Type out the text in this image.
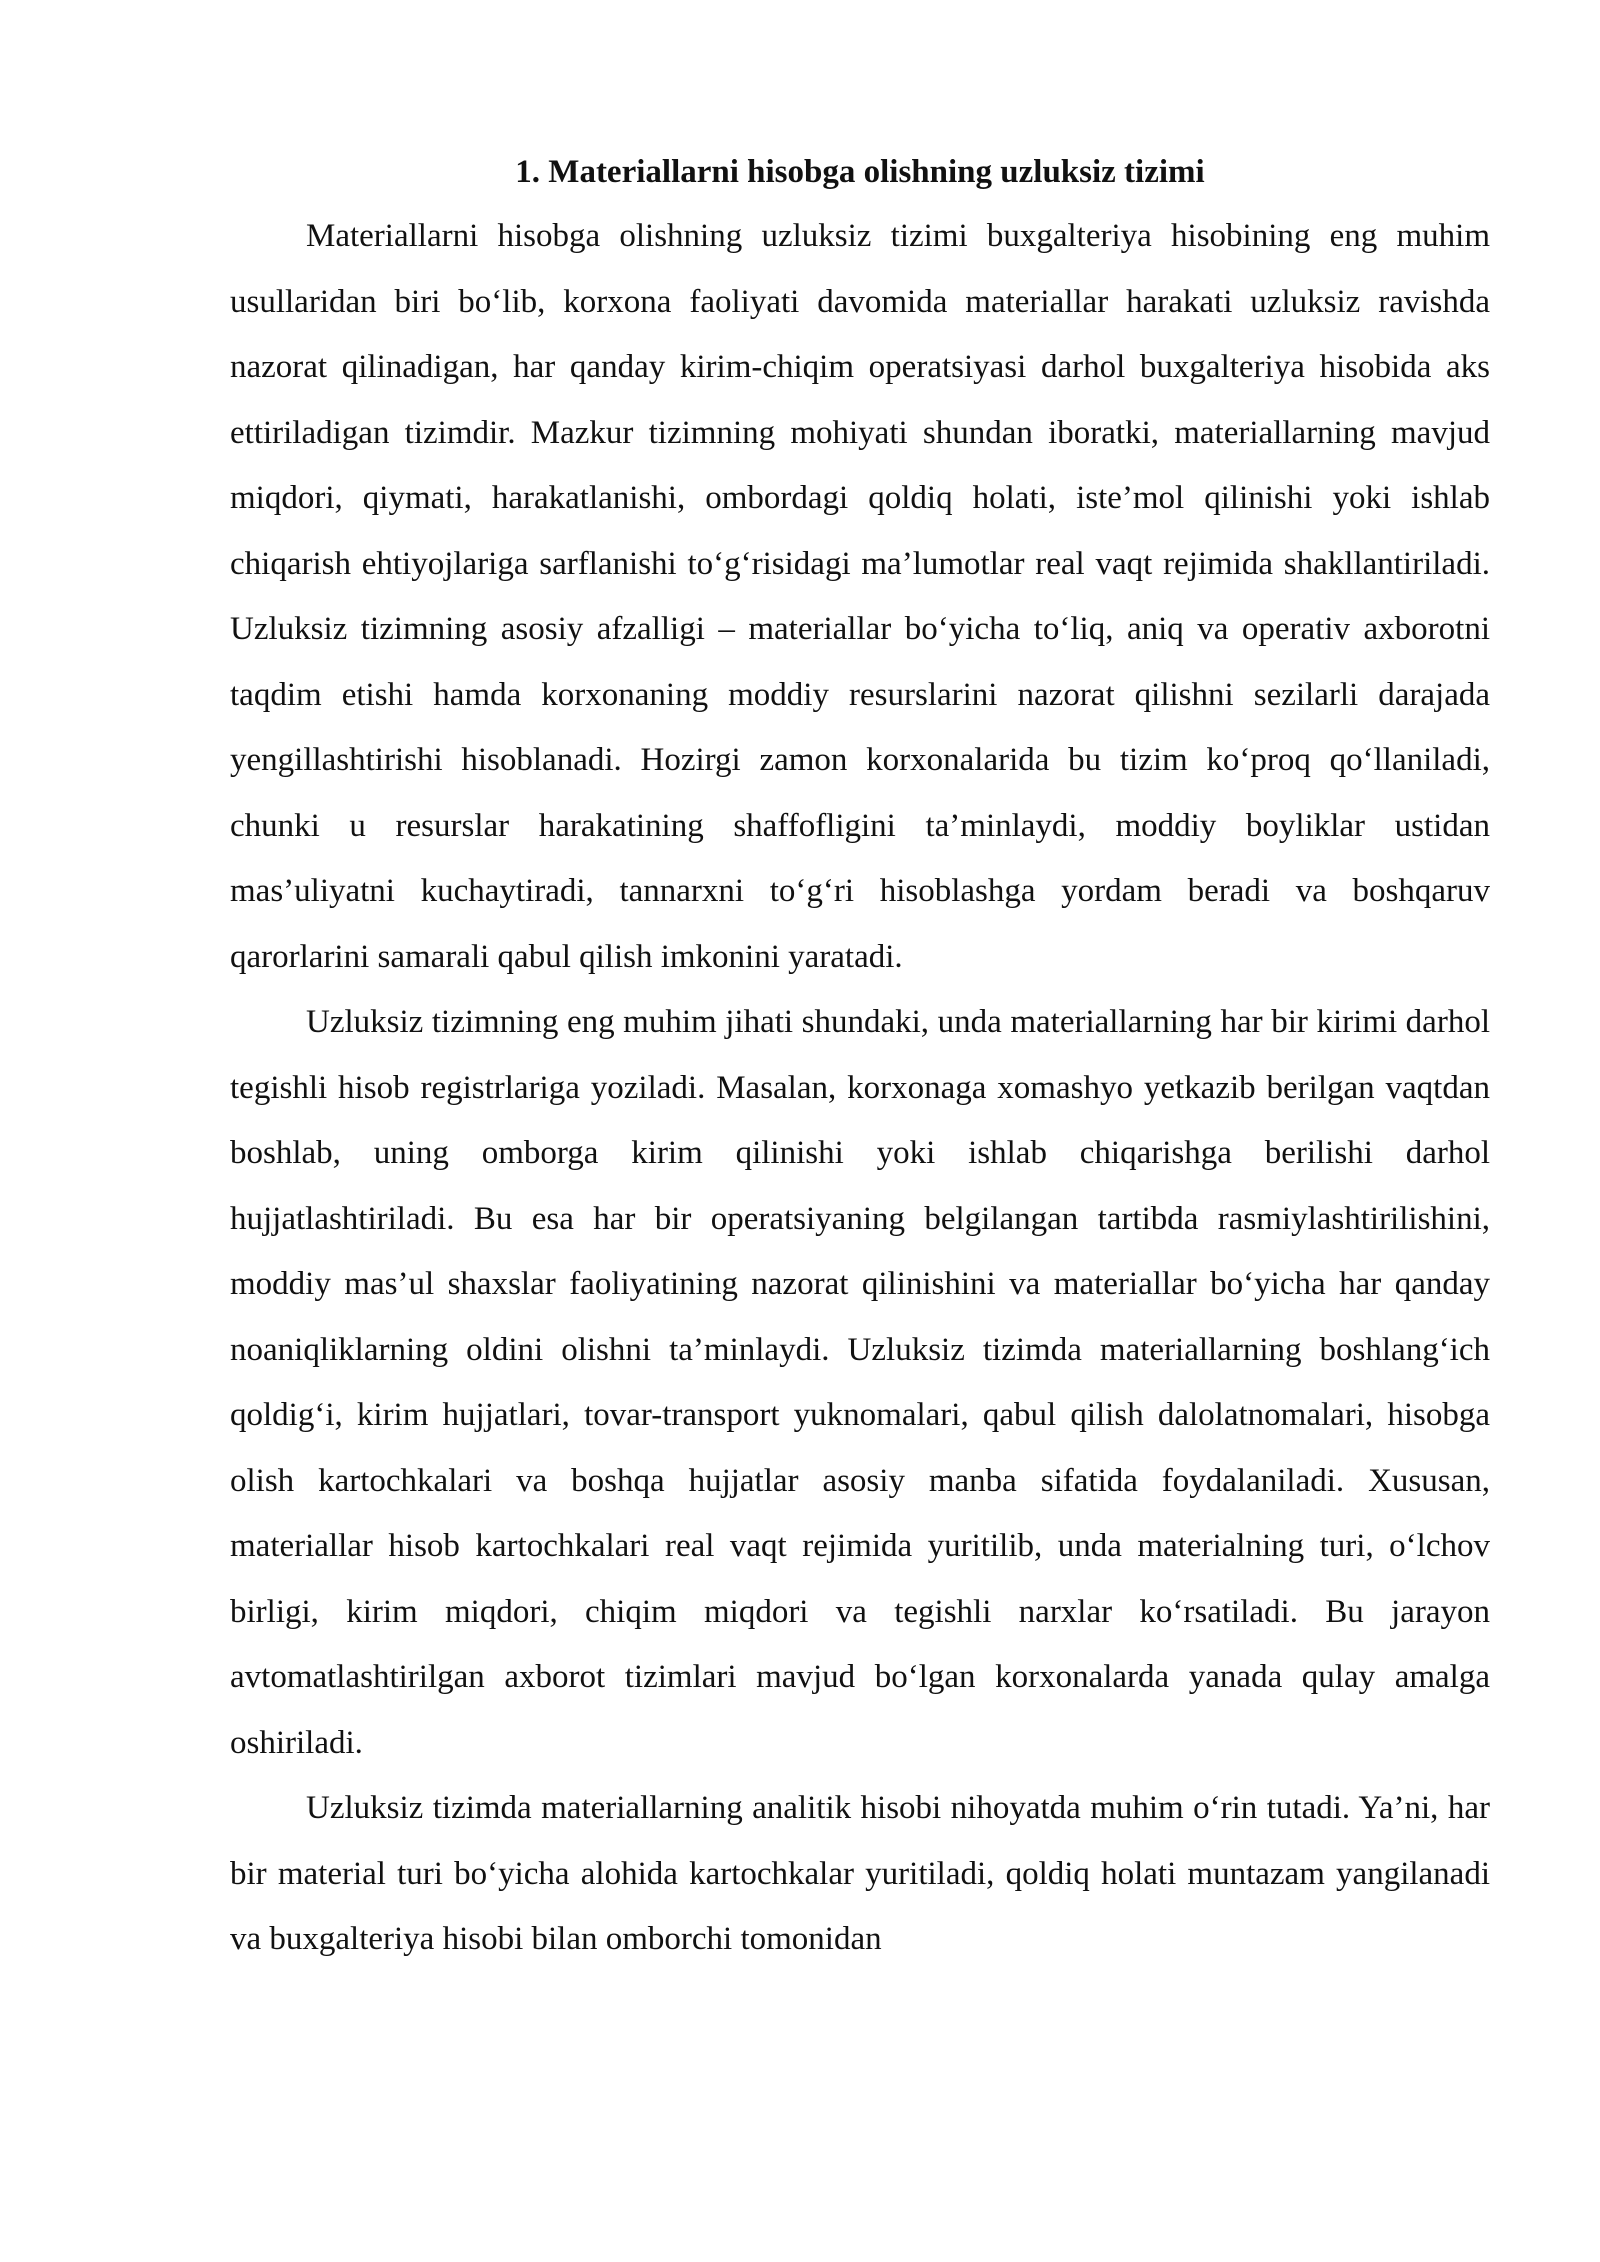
1. Materiallarni hisobga olishning uzluksiz tizimi

Materiallarni hisobga olishning uzluksiz tizimi buxgalteriya hisobining eng muhim usullaridan biri bo‘lib, korxona faoliyati davomida materiallar harakati uzluksiz ravishda nazorat qilinadigan, har qanday kirim-chiqim operatsiyasi darhol buxgalteriya hisobida aks ettiriladigan tizimdir. Mazkur tizimning mohiyati shundan iboratki, materiallarning mavjud miqdori, qiymati, harakatlanishi, ombordagi qoldiq holati, iste’mol qilinishi yoki ishlab chiqarish ehtiyojlariga sarflanishi to‘g‘risidagi ma’lumotlar real vaqt rejimida shakllantiriladi. Uzluksiz tizimning asosiy afzalligi – materiallar bo‘yicha to‘liq, aniq va operativ axborotni taqdim etishi hamda korxonaning moddiy resurslarini nazorat qilishni sezilarli darajada yengillashtirishi hisoblanadi. Hozirgi zamon korxonalarida bu tizim ko‘proq qo‘llaniladi, chunki u resurslar harakatining shaffofligini ta’minlaydi, moddiy boyliklar ustidan mas’uliyatni kuchaytiradi, tannarxni to‘g‘ri hisoblashga yordam beradi va boshqaruv qarorlarini samarali qabul qilish imkonini yaratadi.

Uzluksiz tizimning eng muhim jihati shundaki, unda materiallarning har bir kirimi darhol tegishli hisob registrlariga yoziladi. Masalan, korxonaga xomashyo yetkazib berilgan vaqtdan boshlab, uning omborga kirim qilinishi yoki ishlab chiqarishga berilishi darhol hujjatlashtiriladi. Bu esa har bir operatsiyaning belgilangan tartibda rasmiylashtirilishini, moddiy mas’ul shaxslar faoliyatining nazorat qilinishini va materiallar bo‘yicha har qanday noaniqliklarning oldini olishni ta’minlaydi. Uzluksiz tizimda materiallarning boshlang‘ich qoldig‘i, kirim hujjatlari, tovar-transport yuknomalari, qabul qilish dalolatnomalari, hisobga olish kartochkalari va boshqa hujjatlar asosiy manba sifatida foydalaniladi. Xususan, materiallar hisob kartochkalari real vaqt rejimida yuritilib, unda materialning turi, o‘lchov birligi, kirim miqdori, chiqim miqdori va tegishli narxlar ko‘rsatiladi. Bu jarayon avtomatlashtirilgan axborot tizimlari mavjud bo‘lgan korxonalarda yanada qulay amalga oshiriladi.

Uzluksiz tizimda materiallarning analitik hisobi nihoyatda muhim o‘rin tutadi. Ya’ni, har bir material turi bo‘yicha alohida kartochkalar yuritiladi, qoldiq holati muntazam yangilanadi va buxgalteriya hisobi bilan omborchi tomonidan
